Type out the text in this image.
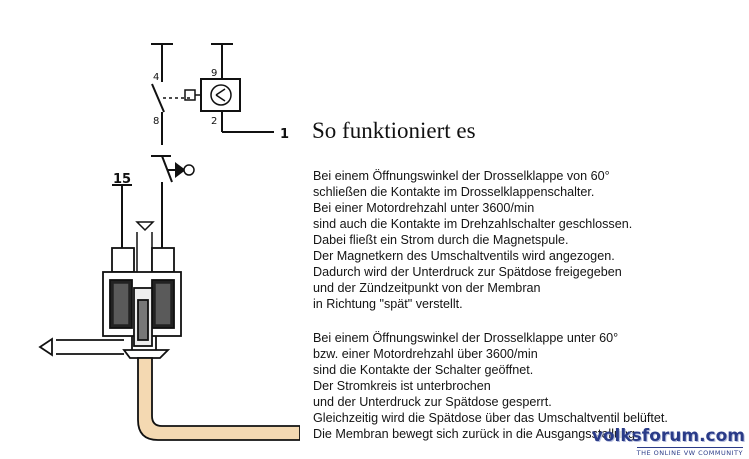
4	9
8	2
1
15
So funktioniert es
Bei einem Öffnungswinkel der Drosselklappe von 60°
schließen die Kontakte im Drosselklappenschalter.
Bei einer Motordrehzahl unter 3600/min
sind auch die Kontakte im Drehzahlschalter geschlossen.
Dabei fließt ein Strom durch die Magnetspule.
Der Magnetkern des Umschaltventils wird angezogen.
Dadurch wird der Unterdruck zur Spätdose freigegeben
und der Zündzeitpunkt von der Membran
in Richtung "spät" verstellt.
Bei einem Öffnungswinkel der Drosselklappe unter 60°
bzw. einer Motordrehzahl über 3600/min
sind die Kontakte der Schalter geöffnet.
Der Stromkreis ist unterbrochen
und der Unterdruck zur Spätdose gesperrt.
Gleichzeitig wird die Spätdose über das Umschaltventil belüftet.
Die Membran bewegt sich zurück in die Ausgangsstellung.
volksforum.com
THE ONLINE VW COMMUNITY
